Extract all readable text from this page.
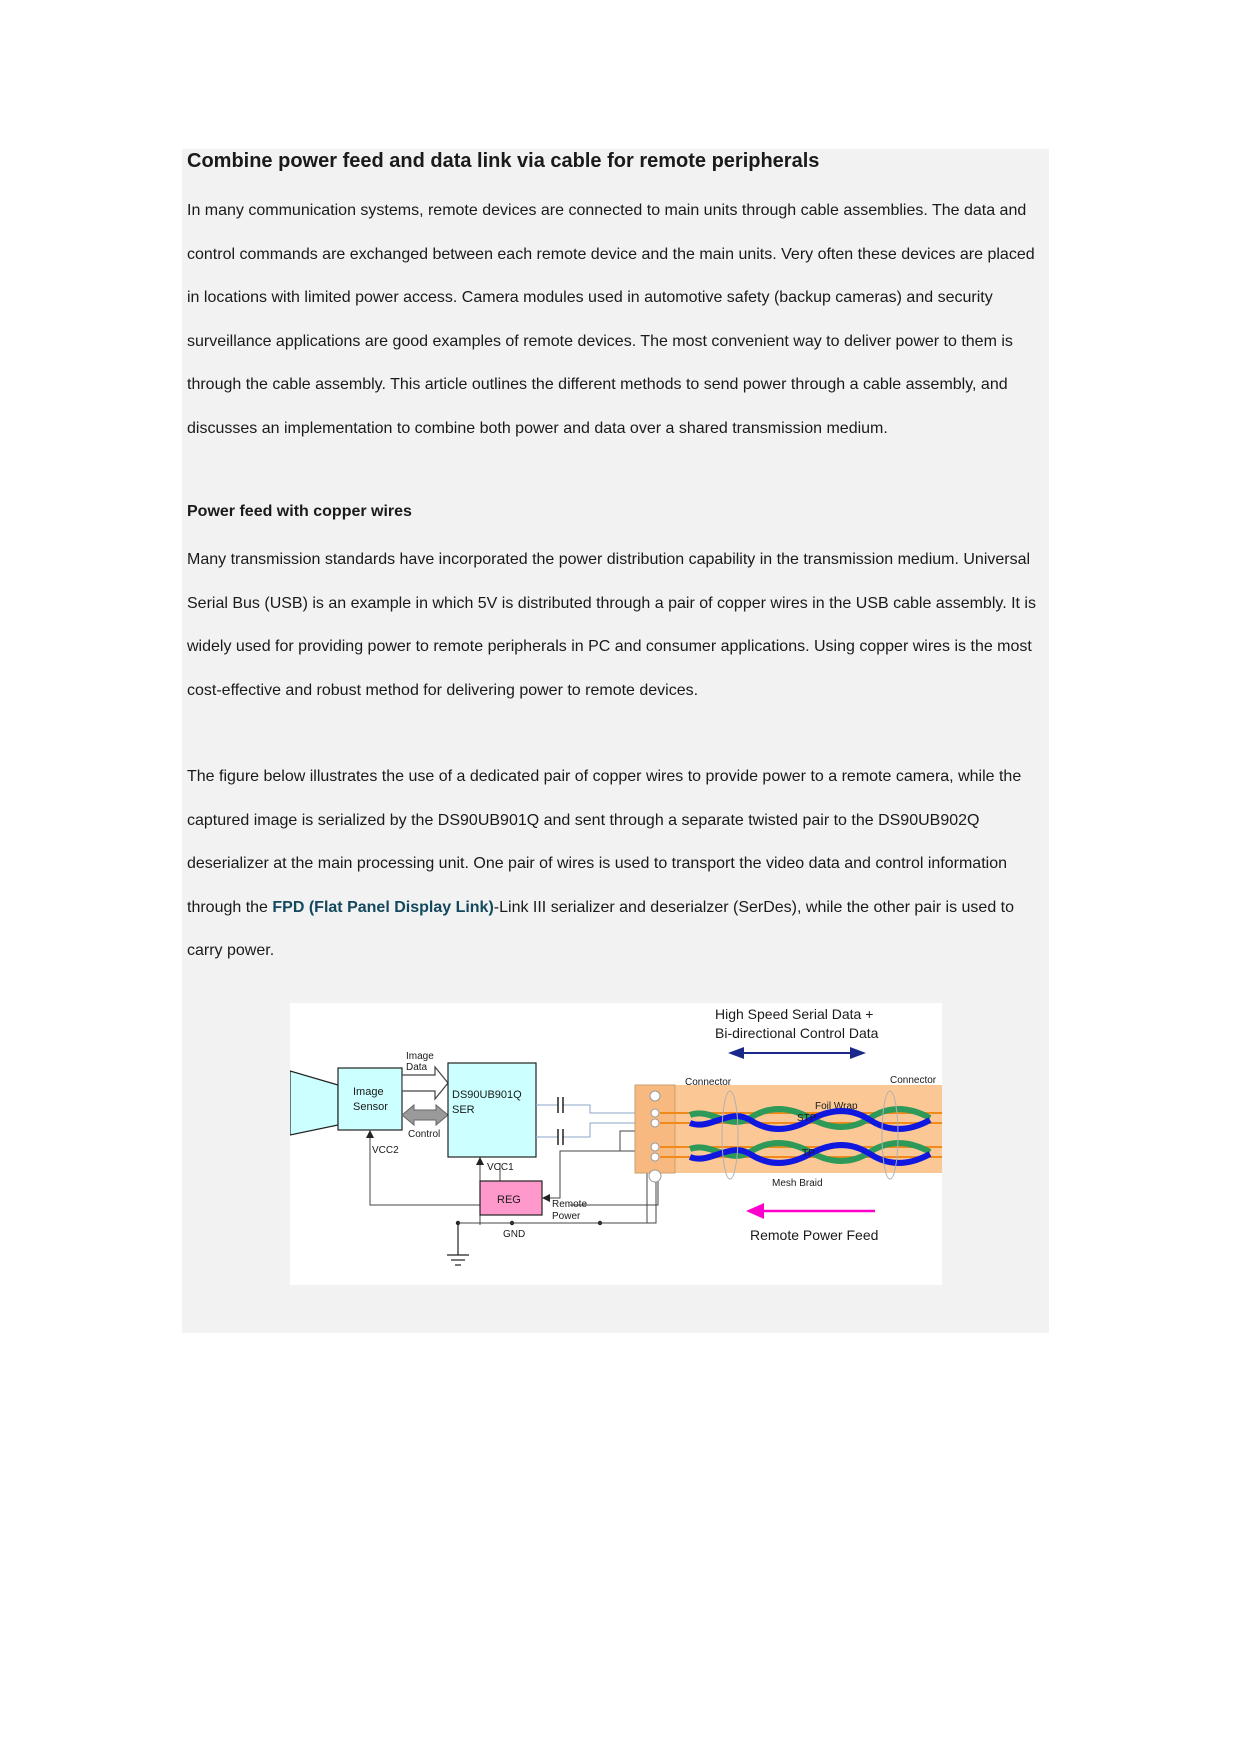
Combine power feed and data link via cable for remote peripherals

In many communication systems, remote devices are connected to main units through cable assemblies. The data and control commands are exchanged between each remote device and the main units. Very often these devices are placed in locations with limited power access. Camera modules used in automotive safety (backup cameras) and security surveillance applications are good examples of remote devices. The most convenient way to deliver power to them is through the cable assembly. This article outlines the different methods to send power through a cable assembly, and discusses an implementation to combine both power and data over a shared transmission medium.

Power feed with copper wires

Many transmission standards have incorporated the power distribution capability in the transmission medium. Universal Serial Bus (USB) is an example in which 5V is distributed through a pair of copper wires in the USB cable assembly. It is widely used for providing power to remote peripherals in PC and consumer applications. Using copper wires is the most cost-effective and robust method for delivering power to remote devices.

The figure below illustrates the use of a dedicated pair of copper wires to provide power to a remote camera, while the captured image is serialized by the DS90UB901Q and sent through a separate twisted pair to the DS90UB902Q deserializer at the main processing unit. One pair of wires is used to transport the video data and control information through the FPD (Flat Panel Display Link)-Link III serializer and deserialzer (SerDes), while the other pair is used to carry power.

High Speed Serial Data +
Bi-directional Control Data
Image
Sensor
Image
Data
Control
DS90UB901Q
SER
VCC2
VCC1
REG	Remote
Power
GND
Connector	Connector
Foil Wrap
STP
TP
Mesh Braid
Remote Power Feed
